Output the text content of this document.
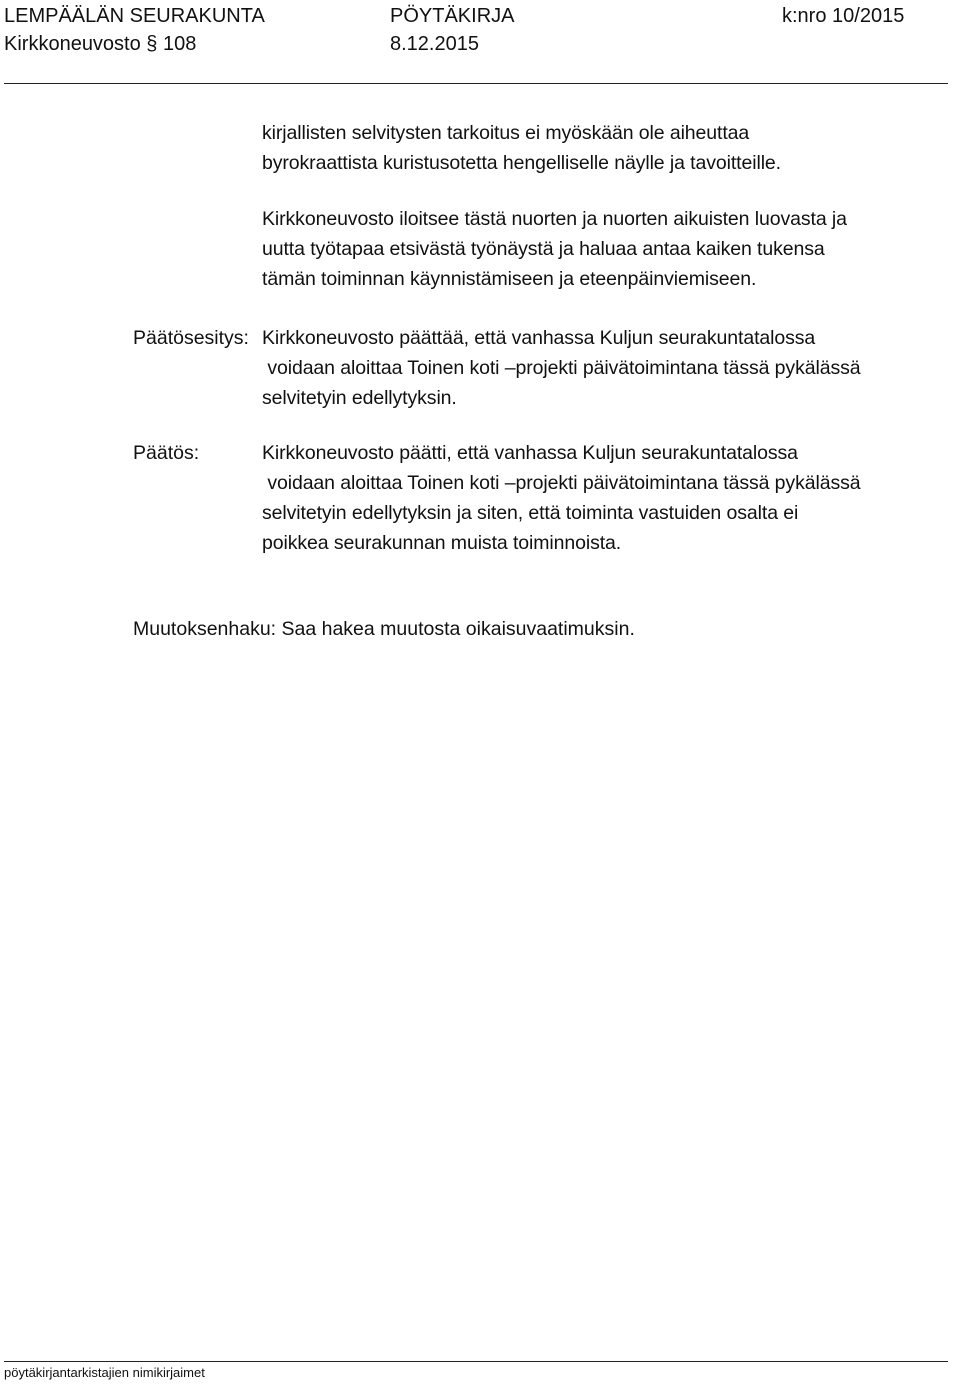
LEMPÄÄLÄN SEURAKUNTA	PÖYTÄKIRJA	k:nro 10/2015
Kirkkoneuvosto § 108	8.12.2015
kirjallisten selvitysten tarkoitus ei myöskään ole aiheuttaa
byrokraattista kuristusotetta hengelliselle näylle ja tavoitteille.
Kirkkoneuvosto iloitsee tästä nuorten ja nuorten aikuisten luovasta ja
uutta työtapaa etsivästä työnäystä ja haluaa antaa kaiken tukensa
tämän toiminnan käynnistämiseen ja eteenpäinviemiseen.
Päätösesitys: Kirkkoneuvosto päättää, että vanhassa Kuljun seurakuntatalossa
voidaan aloittaa Toinen koti –projekti päivätoimintana tässä pykälässä
selvitetyin edellytyksin.
Päätös:	Kirkkoneuvosto päätti, että vanhassa Kuljun seurakuntatalossa
voidaan aloittaa Toinen koti –projekti päivätoimintana tässä pykälässä
selvitetyin edellytyksin ja siten, että toiminta vastuiden osalta ei
poikkea seurakunnan muista toiminnoista.
Muutoksenhaku: Saa hakea muutosta oikaisuvaatimuksin.
pöytäkirjantarkistajien nimikirjaimet
